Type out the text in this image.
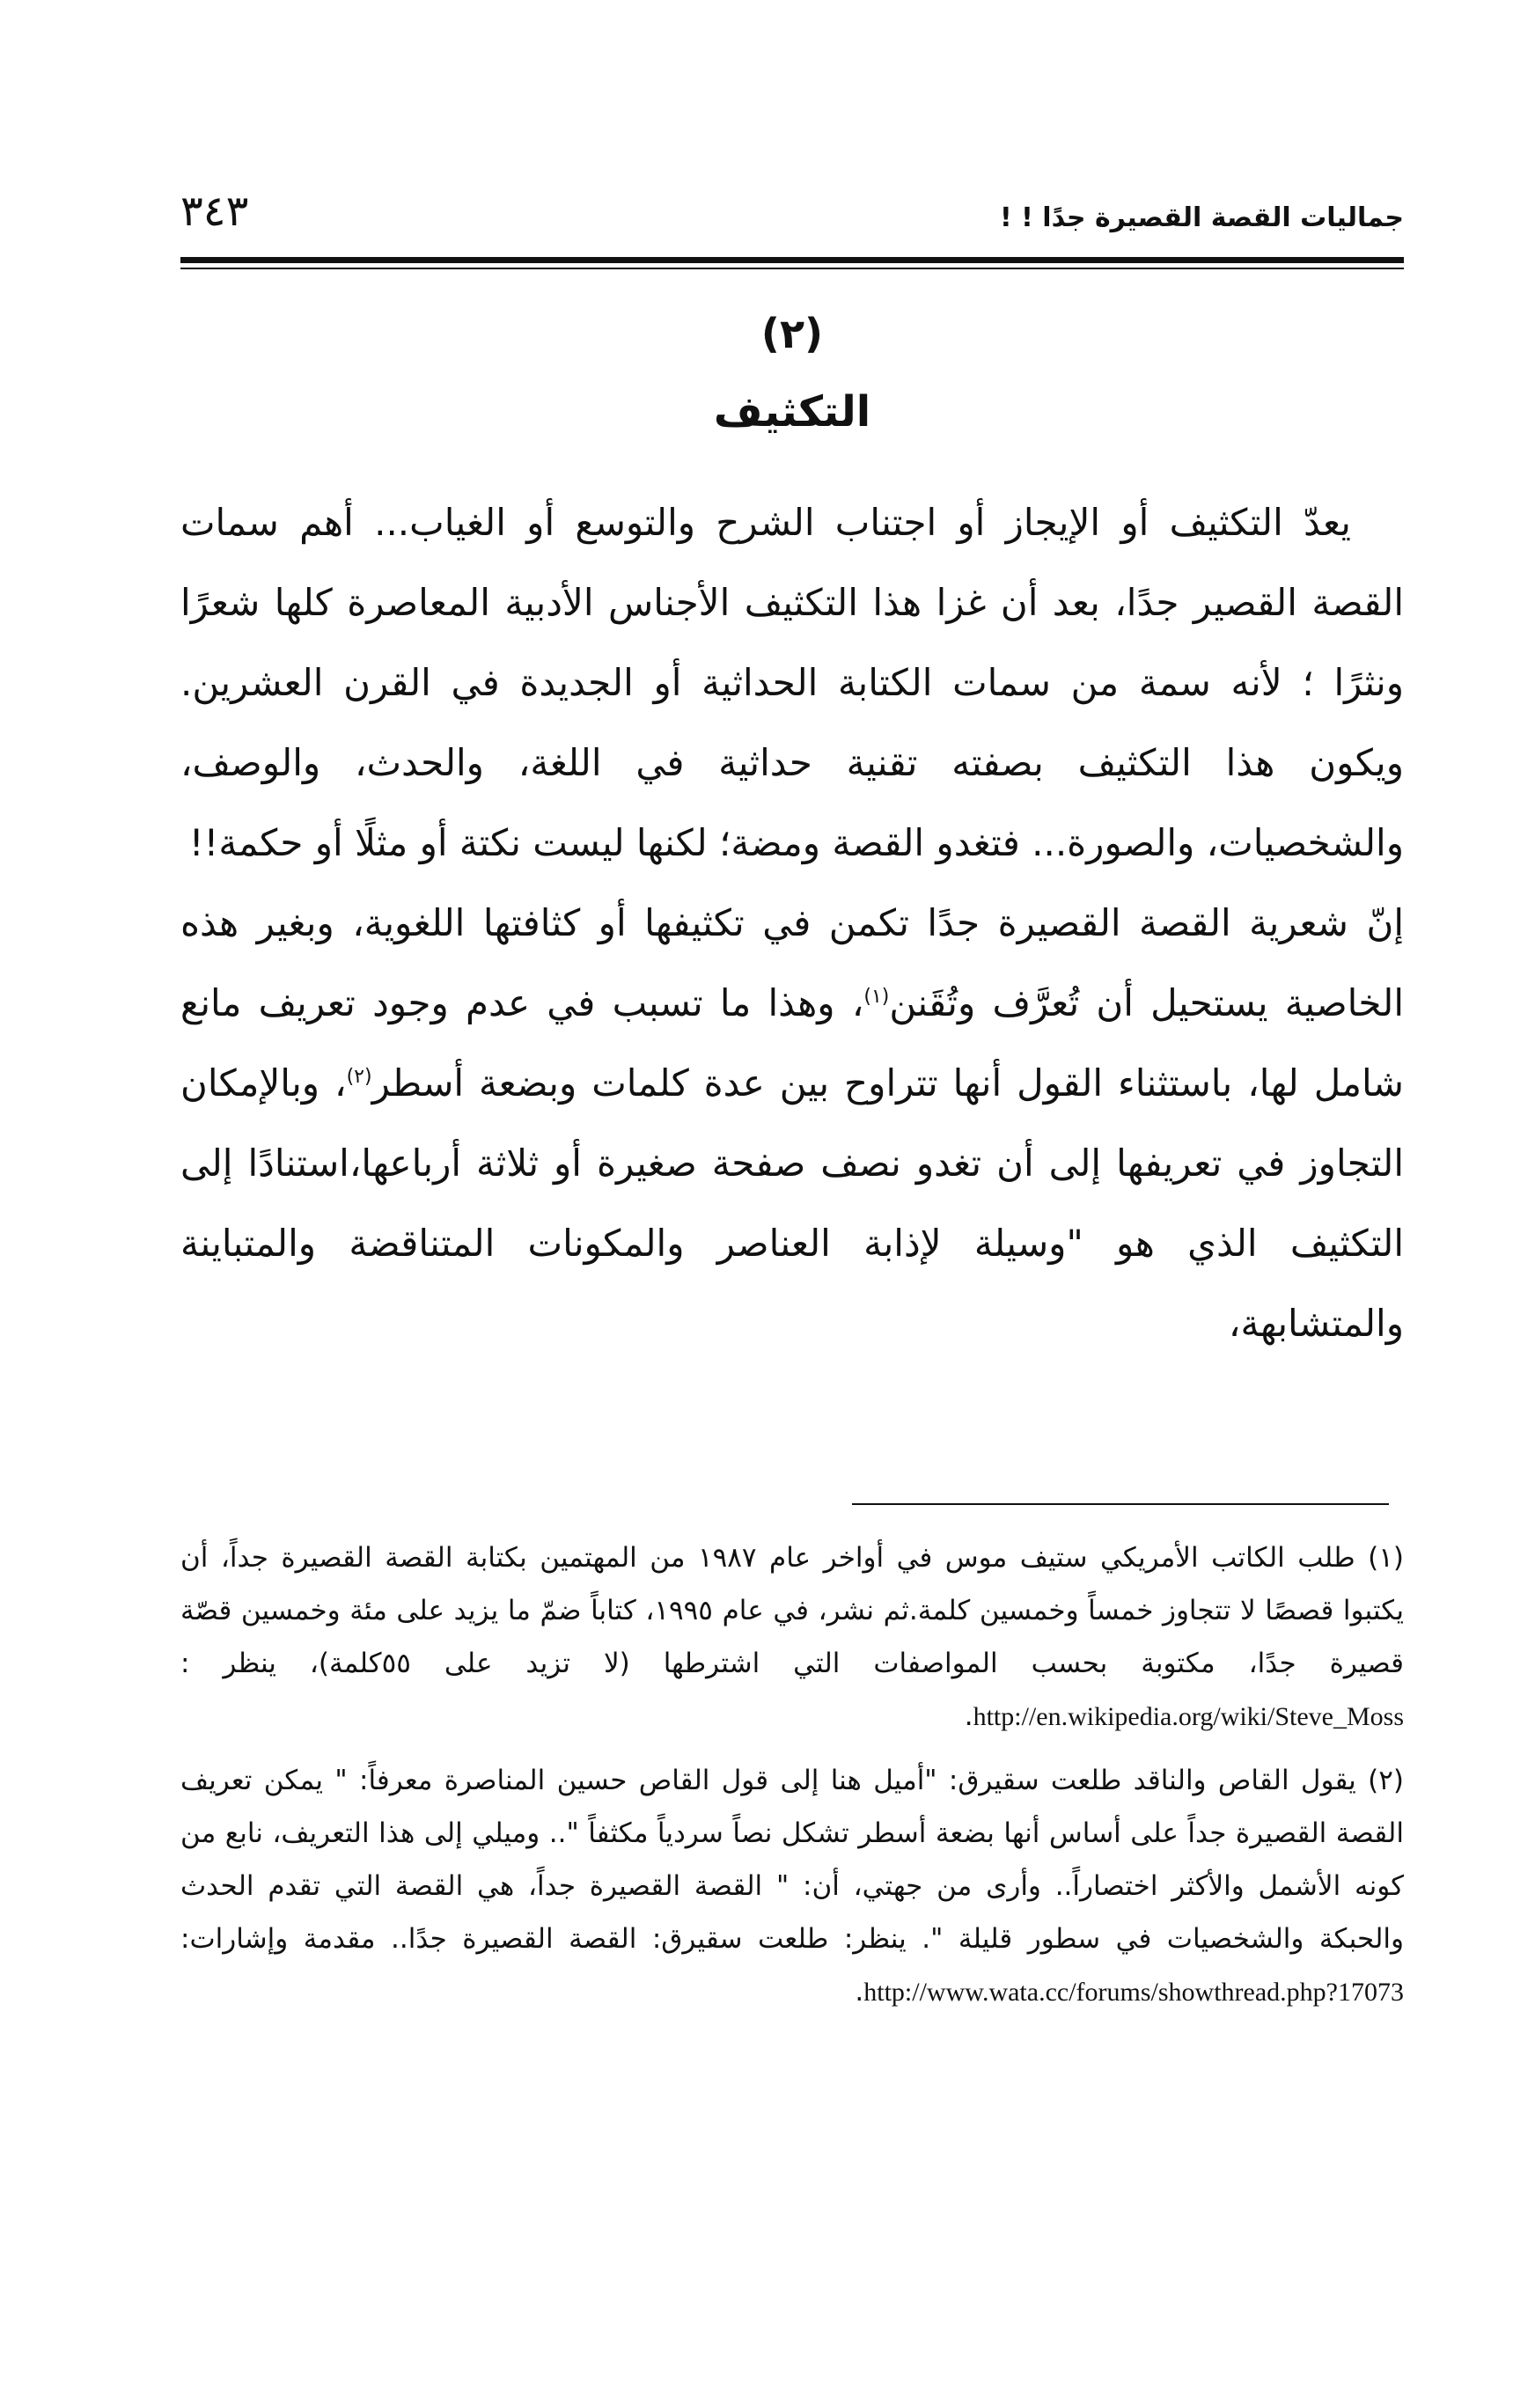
٣٤٣	جماليات القصة القصيرة جدًا ! !
(٢)
التكثيف

يعدّ التكثيف أو الإيجاز أو اجتناب الشرح والتوسع أو الغياب... أهم سمات القصة القصير جدًا، بعد أن غزا هذا التكثيف الأجناس الأدبية المعاصرة كلها شعرًا ونثرًا ؛ لأنه سمة من سمات الكتابة الحداثية أو الجديدة في القرن العشرين. ويكون هذا التكثيف بصفته تقنية حداثية في اللغة، والحدث، والوصف، والشخصيات، والصورة... فتغدو القصة ومضة؛ لكنها ليست نكتة أو مثلًا أو حكمة!!

إنّ شعرية القصة القصيرة جدًا تكمن في تكثيفها أو كثافتها اللغوية، وبغير هذه الخاصية يستحيل أن تُعرَّف وتُقَنن$^{(١)}$، وهذا ما تسبب في عدم وجود تعريف مانع شامل لها، باستثناء القول أنها تتراوح بين عدة كلمات وبضعة أسطر$^{(٢)}$، وبالإمكان التجاوز في تعريفها إلى أن تغدو نصف صفحة صغيرة أو ثلاثة أرباعها،استنادًا إلى التكثيف الذي هو "وسيلة لإذابة العناصر والمكونات المتناقضة والمتباينة والمتشابهة،

(١) طلب الكاتب الأمريكي ستيف موس في أواخر عام ١٩٨٧ من المهتمين بكتابة القصة القصيرة جداً، أن يكتبوا قصصًا لا تتجاوز خمساً وخمسين كلمة.ثم نشر، في عام ١٩٩٥، كتاباً ضمّ ما يزيد على مئة وخمسين قصّة قصيرة جدًا، مكتوبة بحسب المواصفات التي اشترطها (لا تزيد على ٥٥كلمة)، ينظر : http://en.wikipedia.org/wiki/Steve_Moss.

(٢) يقول القاص والناقد طلعت سقيرق: "أميل هنا إلى قول القاص حسين المناصرة معرفاً: " يمكن تعريف القصة القصيرة جداً على أساس أنها بضعة أسطر تشكل نصاً سردياً مكثفاً ".. وميلي إلى هذا التعريف، نابع من كونه الأشمل والأكثر اختصاراً.. وأرى من جهتي، أن: " القصة القصيرة جداً، هي القصة التي تقدم الحدث والحبكة والشخصيات في سطور قليلة ". ينظر: طلعت سقيرق: القصة القصيرة جدًا.. مقدمة وإشارات: http://www.wata.cc/forums/showthread.php?17073.
